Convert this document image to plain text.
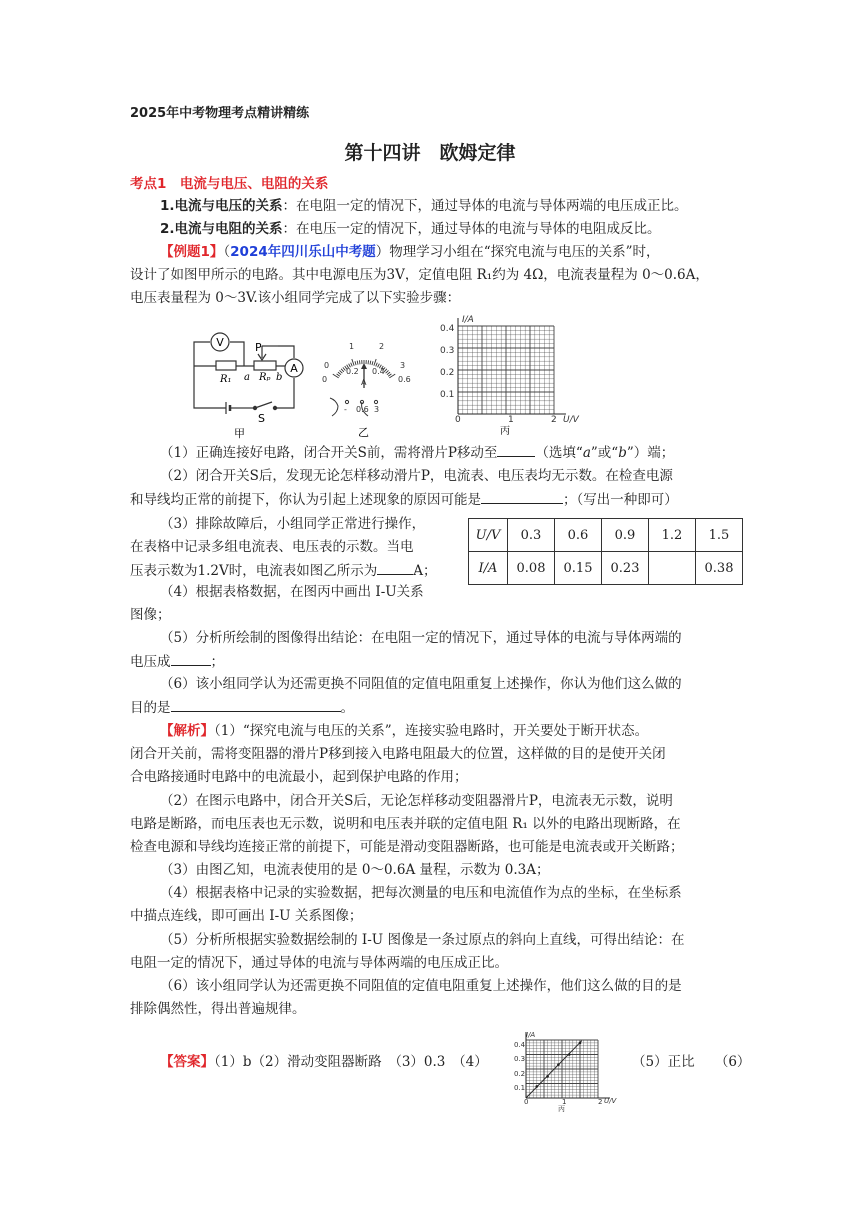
2025年中考物理考点精讲精练
第十四讲　欧姆定律
考点1　电流与电压、电阻的关系
1.电流与电压的关系：在电阻一定的情况下，通过导体的电流与导体两端的电压成正比。
2.电流与电阻的关系：在电压一定的情况下，通过导体的电流与导体的电阻成反比。
【例题1】（2024年四川乐山中考题）物理学习小组在“探究电流与电压的关系”时，
设计了如图甲所示的电路。其中电源电压为3V，定值电阻 R₁约为 4Ω，电流表量程为 0～0.6A，
电压表量程为 0～3V.该小组同学完成了以下实验步骤：
V
A
P
R₁ a Rₚ b
S
甲
0
1	2
3
0
0.2 0.4
0.6
A
- 0.6 3
乙
I/A
U/V
0.4
0.3
0.2
0.1
0	1	2
丙
（1）正确连接好电路，闭合开关S前，需将滑片P移动至	（选填“a”或“b”）端；
（2）闭合开关S后，发现无论怎样移动滑片P，电流表、电压表均无示数。在检查电源
和导线均正常的前提下，你认为引起上述现象的原因可能是	；（写出一种即可）
（3）排除故障后，小组同学正常进行操作，
在表格中记录多组电流表、电压表的示数。当电
压表示数为1.2V时，电流表如图乙所示为	A；
（4）根据表格数据，在图丙中画出 I-U关系
图像；
U/V	0.3	0.6	0.9	1.2	1.5
I/A	0.08	0.15	0.23		0.38
（5）分析所绘制的图像得出结论：在电阻一定的情况下，通过导体的电流与导体两端的
电压成	；
（6）该小组同学认为还需更换不同阻值的定值电阻重复上述操作，你认为他们这么做的
目的是	。
【解析】（1）“探究电流与电压的关系”，连接实验电路时，开关要处于断开状态。
闭合开关前，需将变阻器的滑片P移到接入电路电阻最大的位置，这样做的目的是使开关闭
合电路接通时电路中的电流最小，起到保护电路的作用；
（2）在图示电路中，闭合开关S后，无论怎样移动变阻器滑片P，电流表无示数，说明
电路是断路，而电压表也无示数，说明和电压表并联的定值电阻 R₁ 以外的电路出现断路，在
检查电源和导线均连接正常的前提下，可能是滑动变阻器断路，也可能是电流表或开关断路；
（3）由图乙知，电流表使用的是 0～0.6A 量程，示数为 0.3A；
（4）根据表格中记录的实验数据，把每次测量的电压和电流值作为点的坐标，在坐标系
中描点连线，即可画出 I-U 关系图像；
（5）分析所根据实验数据绘制的 I-U 图像是一条过原点的斜向上直线，可得出结论：在
电阻一定的情况下，通过导体的电流与导体两端的电压成正比。
（6）该小组同学认为还需更换不同阻值的定值电阻重复上述操作，他们这么做的目的是
排除偶然性，得出普遍规律。
【答案】（1）b（2）滑动变阻器断路　（3）0.3　（4）	（5）正比　　（6）
I/A
U/V
0.4
0.3
0.2
0.1
0	1	2
丙
